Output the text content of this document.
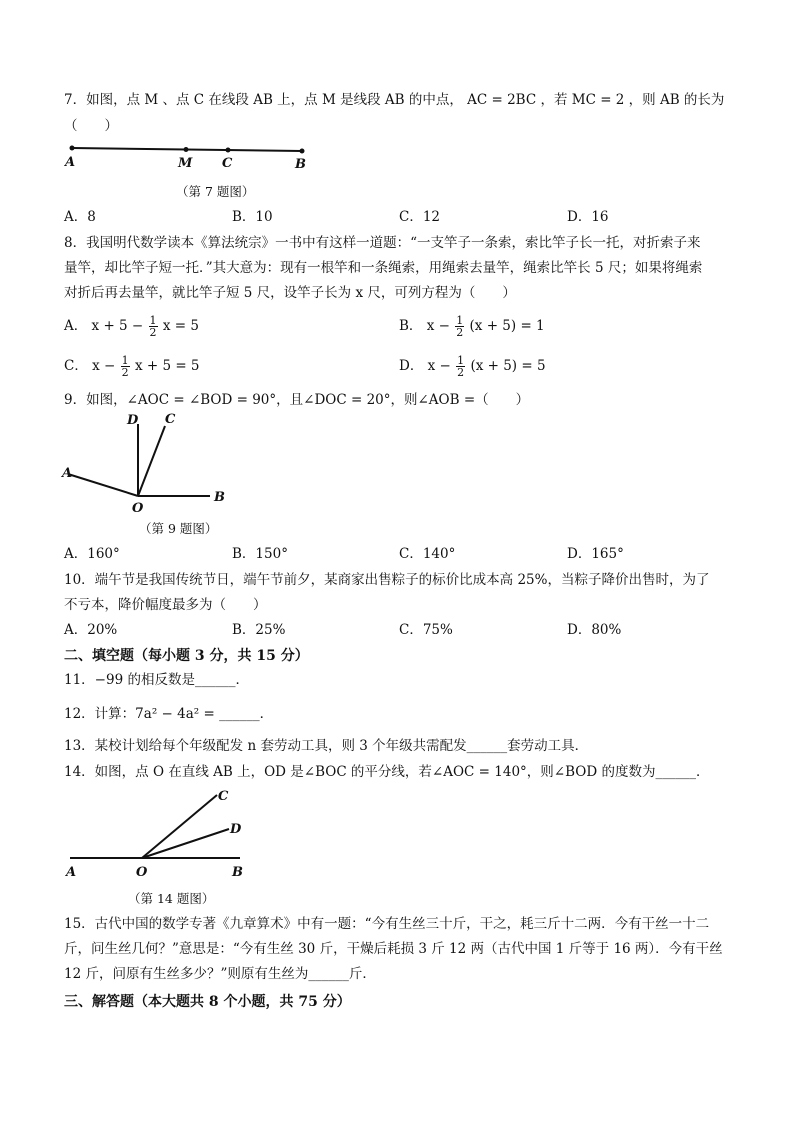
7．如图，点 M 、点 C 在线段 AB 上，点 M 是线段 AB 的中点， AC = 2BC ，若 MC = 2 ，则 AB 的长为
（　　）
A	M C	B
（第 7 题图）
A．8	B．10	C．12	D．16
8．我国明代数学读本《算法统宗》一书中有这样一道题：“一支竿子一条索，索比竿子长一托，对折索子来
量竿，却比竿子短一托．”其大意为：现有一根竿和一条绳索，用绳索去量竿，绳索比竿长 5 尺；如果将绳索
对折后再去量竿，就比竿子短 5 尺，设竿子长为 x 尺，可列方程为（　　）
A． $x + 5 - \frac{1}{2}$ x = 5	B． $x - \frac{1}{2} (x + 5) = 1$
C． $x - \frac{1}{2}$ x + 5 = 5	D． $x - \frac{1}{2} (x + 5) = 5$
9．如图，∠AOC = ∠BOD = 90°，且∠DOC = 20°，则∠AOB =（　　）
D C
A
O
B
（第 9 题图）
A．160°	B．150°	C．140°	D．165°
10．端午节是我国传统节日，端午节前夕，某商家出售粽子的标价比成本高 25%，当粽子降价出售时，为了
不亏本，降价幅度最多为（　　）
A．20%	B．25%	C．75%	D．80%
二、填空题（每小题 3 分，共 15 分）
11．−99 的相反数是______．
12．计算：7a² − 4a² = ______．
13．某校计划给每个年级配发 n 套劳动工具，则 3 个年级共需配发______套劳动工具．
14．如图，点 O 在直线 AB 上，OD 是∠BOC 的平分线，若∠AOC = 140°，则∠BOD 的度数为______．
C
D
A	O	B
（第 14 题图）
15．古代中国的数学专著《九章算术》中有一题：“今有生丝三十斤，干之，耗三斤十二两．今有干丝一十二
斤，问生丝几何？”意思是：“今有生丝 30 斤，干燥后耗损 3 斤 12 两（古代中国 1 斤等于 16 两）．今有干丝
12 斤，问原有生丝多少？”则原有生丝为______斤．
三、解答题（本大题共 8 个小题，共 75 分）
